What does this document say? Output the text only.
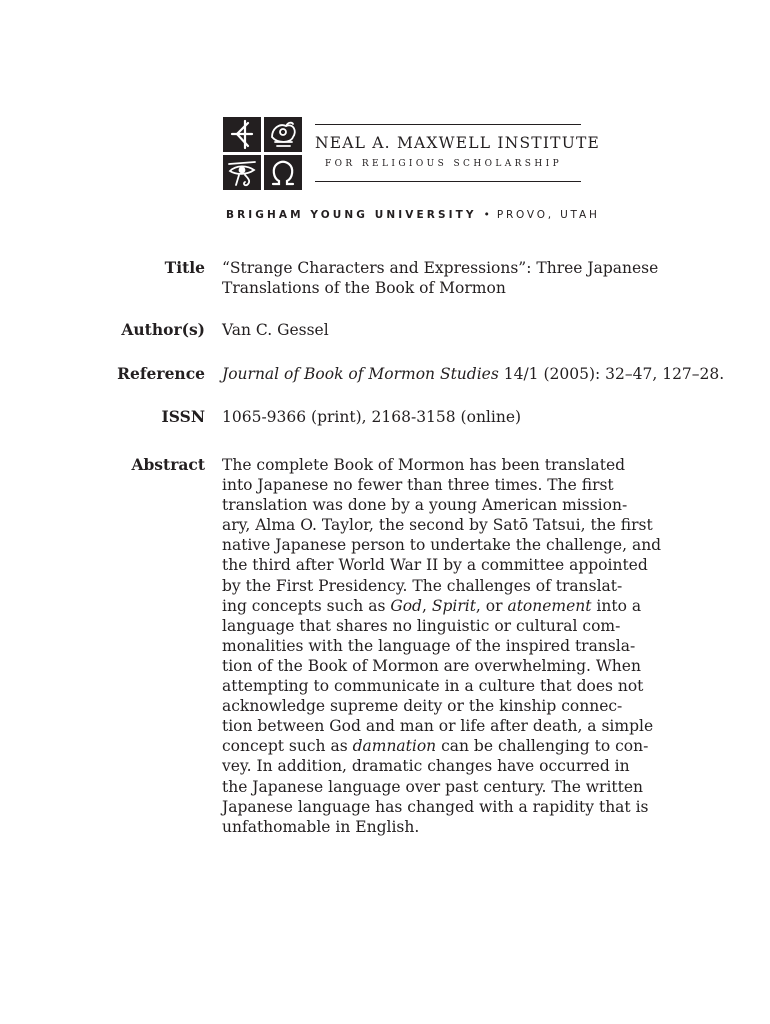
NEAL A. MAXWELL INSTITUTE
FOR RELIGIOUS SCHOLARSHIP
BRIGHAM YOUNG UNIVERSITY • PROVO, UTAH
Title “Strange Characters and Expressions”: Three Japanese
Translations of the Book of Mormon
Author(s) Van C. Gessel
Reference Journal of Book of Mormon Studies 14/1 (2005): 32–47, 127–28.
ISSN 1065-9366 (print), 2168-3158 (online)
Abstract The complete Book of Mormon has been translated
into Japanese no fewer than three times. The first
translation was done by a young American mission-
ary, Alma O. Taylor, the second by Satō Tatsui, the first
native Japanese person to undertake the challenge, and
the third after World War II by a committee appointed
by the First Presidency. The challenges of translat-
ing concepts such as God, Spirit, or atonement into a
language that shares no linguistic or cultural com-
monalities with the language of the inspired transla-
tion of the Book of Mormon are overwhelming. When
attempting to communicate in a culture that does not
acknowledge supreme deity or the kinship connec-
tion between God and man or life after death, a simple
concept such as damnation can be challenging to con-
vey. In addition, dramatic changes have occurred in
the Japanese language over past century. The written
Japanese language has changed with a rapidity that is
unfathomable in English.
